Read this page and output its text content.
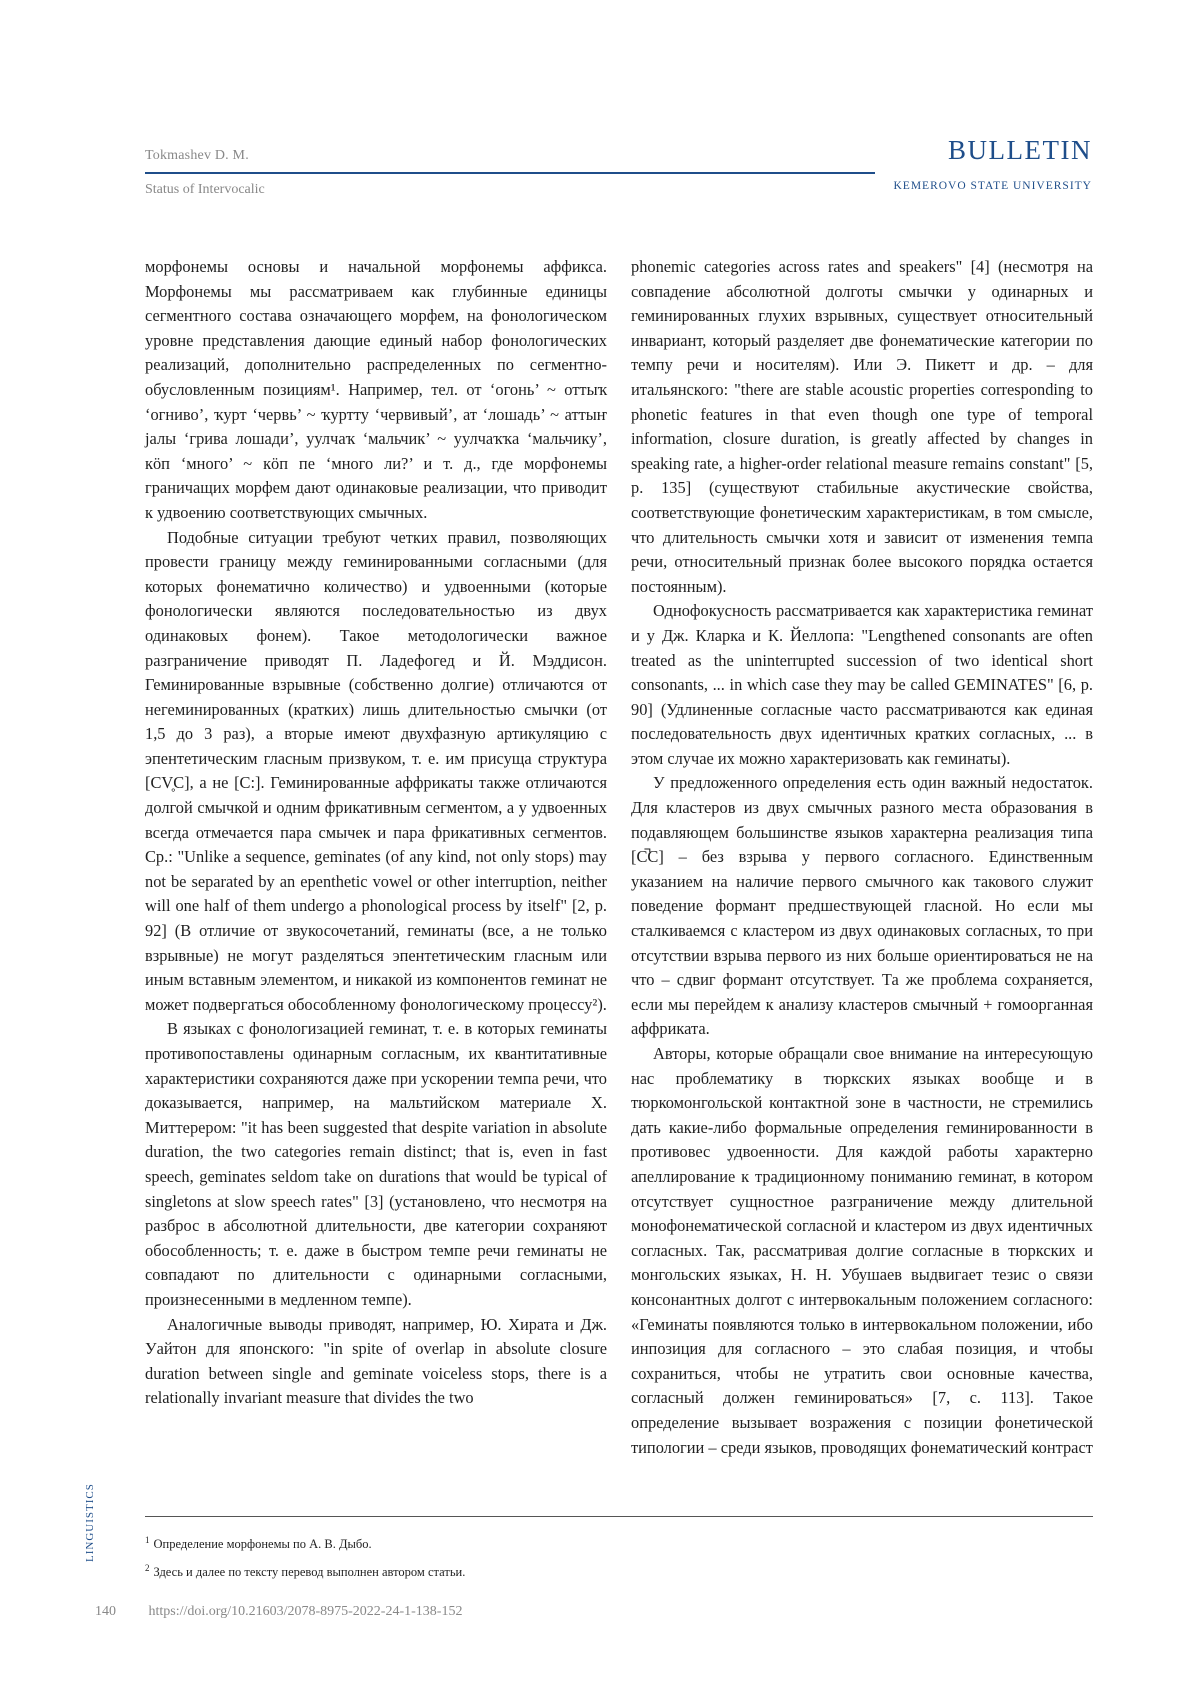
Tokmashev D. M.
Status of Intervocalic
BULLETIN
KEMEROVO STATE UNIVERSITY

морфонемы основы и начальной морфонемы аффикса. Морфонемы мы рассматриваем как глубинные единицы сегментного состава означающего морфем, на фонологическом уровне представления дающие единый набор фонологических реализаций, дополнительно распределенных по сегментно-обусловленным позициям¹. Например, тел. от ‘огонь’ ~ оттыҡ ‘огниво’, ҡурт ‘червь’ ~ ҡуртту ‘червивый’, ат ‘лошадь’ ~ аттыҥ јалы ‘грива лошади’, уулчаҡ ‘мальчик’ ~ уулчаҡҡа ‘мальчику’, кöп ‘много’ ~ кöп пе ‘много ли?’ и т. д., где морфонемы граничащих морфем дают одинаковые реализации, что приводит к удвоению соответствующих смычных.

Подобные ситуации требуют четких правил, позволяющих провести границу между геминированными согласными (для которых фонематично количество) и удвоенными (которые фонологически являются последовательностью из двух одинаковых фонем). Такое методологически важное разграничение приводят П. Ладефогед и Й. Мэддисон. Геминированные взрывные (собственно долгие) отличаются от негеминированных (кратких) лишь длительностью смычки (от 1,5 до 3 раз), а вторые имеют двухфазную артикуляцию с эпентетическим гласным призвуком, т. е. им присуща структура [CV̥C], а не [C:]. Геминированные аффрикаты также отличаются долгой смычкой и одним фрикативным сегментом, а у удвоенных всегда отмечается пара смычек и пара фрикативных сегментов. Ср.: "Unlike a sequence, geminates (of any kind, not only stops) may not be separated by an epenthetic vowel or other interruption, neither will one half of them undergo a phonological process by itself" [2, p. 92] (В отличие от звукосочетаний, геминаты (все, а не только взрывные) не могут разделяться эпентетическим гласным или иным вставным элементом, и никакой из компонентов геминат не может подвергаться обособленному фонологическому процессу²).

В языках с фонологизацией геминат, т. е. в которых геминаты противопоставлены одинарным согласным, их квантитативные характеристики сохраняются даже при ускорении темпа речи, что доказывается, например, на мальтийском материале Х. Миттерером: "it has been suggested that despite variation in absolute duration, the two categories remain distinct; that is, even in fast speech, geminates seldom take on durations that would be typical of singletons at slow speech rates" [3] (установлено, что несмотря на разброс в абсолютной длительности, две категории сохраняют обособленность; т. е. даже в быстром темпе речи геминаты не совпадают по длительности с одинарными согласными, произнесенными в медленном темпе).

Аналогичные выводы приводят, например, Ю. Хирата и Дж. Уайтон для японского: "in spite of overlap in absolute closure duration between single and geminate voiceless stops, there is a relationally invariant measure that divides the two

phonemic categories across rates and speakers" [4] (несмотря на совпадение абсолютной долготы смычки у одинарных и геминированных глухих взрывных, существует относительный инвариант, который разделяет две фонематические категории по темпу речи и носителям). Или Э. Пикетт и др. – для итальянского: "there are stable acoustic properties corresponding to phonetic features in that even though one type of temporal information, closure duration, is greatly affected by changes in speaking rate, a higher-order relational measure remains constant" [5, p. 135] (существуют стабильные акустические свойства, соответствующие фонетическим характеристикам, в том смысле, что длительность смычки хотя и зависит от изменения темпа речи, относительный признак более высокого порядка остается постоянным).

Однофокусность рассматривается как характеристика геминат и у Дж. Кларка и К. Йеллопа: "Lengthened consonants are often treated as the uninterrupted succession of two identical short consonants, ... in which case they may be called GEMINATES" [6, p. 90] (Удлиненные согласные часто рассматриваются как единая последовательность двух идентичных кратких согласных, ... в этом случае их можно характеризовать как геминаты).

У предложенного определения есть один важный недостаток. Для кластеров из двух смычных разного места образования в подавляющем большинстве языков характерна реализация типа [C̚C] – без взрыва у первого согласного. Единственным указанием на наличие первого смычного как такового служит поведение формант предшествующей гласной. Но если мы сталкиваемся с кластером из двух одинаковых согласных, то при отсутствии взрыва первого из них больше ориентироваться не на что – сдвиг формант отсутствует. Та же проблема сохраняется, если мы перейдем к анализу кластеров смычный + гомоорганная аффриката.

Авторы, которые обращали свое внимание на интересующую нас проблематику в тюркских языках вообще и в тюркомонгольской контактной зоне в частности, не стремились дать какие-либо формальные определения геминированности в противовес удвоенности. Для каждой работы характерно апеллирование к традиционному пониманию геминат, в котором отсутствует сущностное разграничение между длительной монофонематической согласной и кластером из двух идентичных согласных. Так, рассматривая долгие согласные в тюркских и монгольских языках, Н. Н. Убушаев выдвигает тезис о связи консонантных долгот с интервокальным положением согласного: «Геминаты появляются только в интервокальном положении, ибо инпозиция для согласного – это слабая позиция, и чтобы сохраниться, чтобы не утратить свои основные качества, согласный должен геминироваться» [7, с. 113]. Такое определение вызывает возражения с позиции фонетической типологии – среди языков, проводящих фонематический контраст

LINGUISTICS	$^1$ Определение морфонемы по А. В. Дыбо.
$^2$ Здесь и далее по тексту перевод выполнен автором статьи.
140 https://doi.org/10.21603/2078-8975-2022-24-1-138-152
